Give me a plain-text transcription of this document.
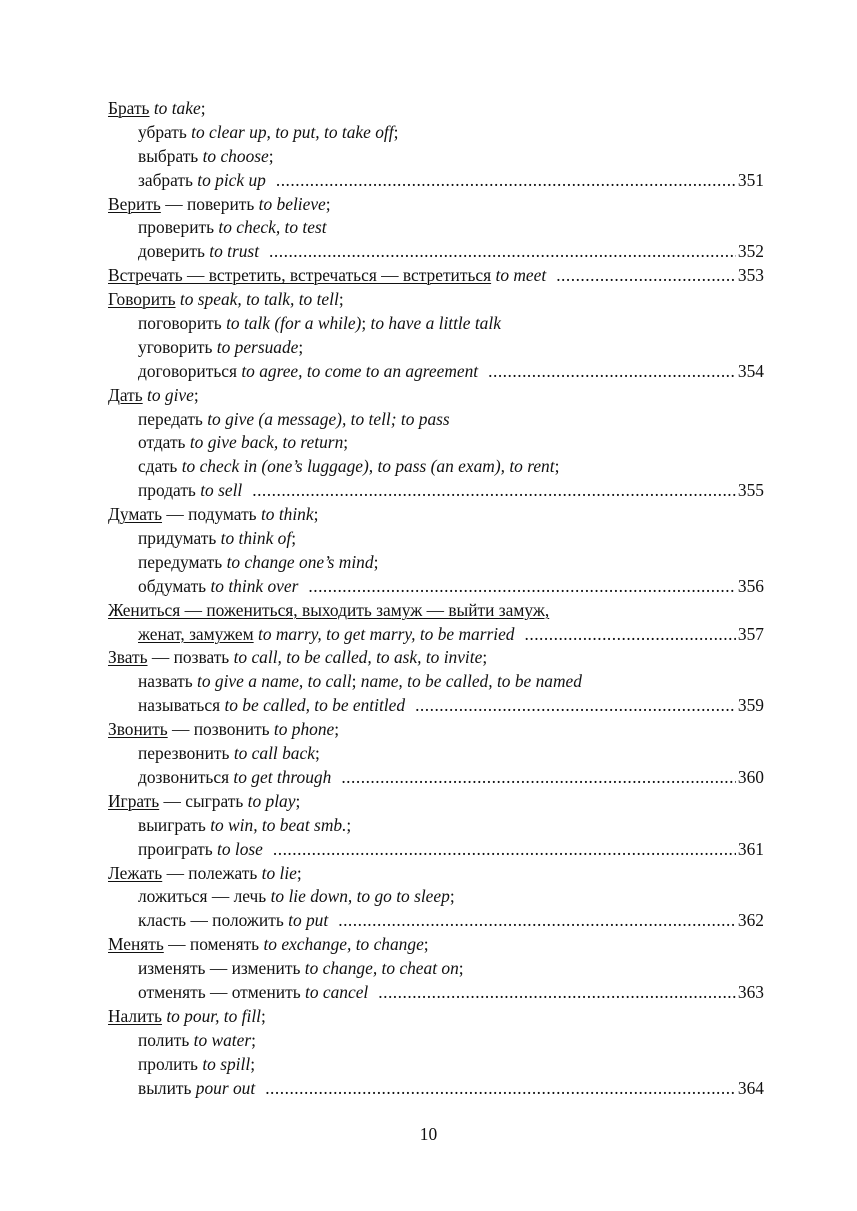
Брать to take;
убрать to clear up, to put, to take off;
выбрать to choose;
забрать to pick up .....	351
Верить — поверить to believe;
проверить to check, to test
доверить to trust .....	352
Встречать — встретить, встречаться — встретиться to meet .....	353
Говорить to speak, to talk, to tell;
поговорить to talk (for a while); to have a little talk
уговорить to persuade;
договориться to agree, to come to an agreement .....	354
Дать to give;
передать to give (a message), to tell; to pass
отдать to give back, to return;
сдать to check in (one’s luggage), to pass (an exam), to rent;
продать to sell .....	355
Думать — подумать to think;
придумать to think of;
передумать to change one’s mind;
обдумать to think over .....	356
Жениться — пожениться, выходить замуж — выйти замуж,
женат, замужем to marry, to get marry, to be married .....	357
Звать — позвать to call, to be called, to ask, to invite;
назвать to give a name, to call; name, to be called, to be named
называться to be called, to be entitled .....	359
Звонить — позвонить to phone;
перезвонить to call back;
дозвониться to get through .....	360
Играть — сыграть to play;
выиграть to win, to beat smb.;
проиграть to lose .....	361
Лежать — полежать to lie;
ложиться — лечь to lie down, to go to sleep;
класть — положить to put .....	362
Менять — поменять to exchange, to change;
изменять — изменить to change, to cheat on;
отменять — отменить to cancel .....	363
Налить to pour, to fill;
полить to water;
пролить to spill;
вылить pour out .....	364
10
